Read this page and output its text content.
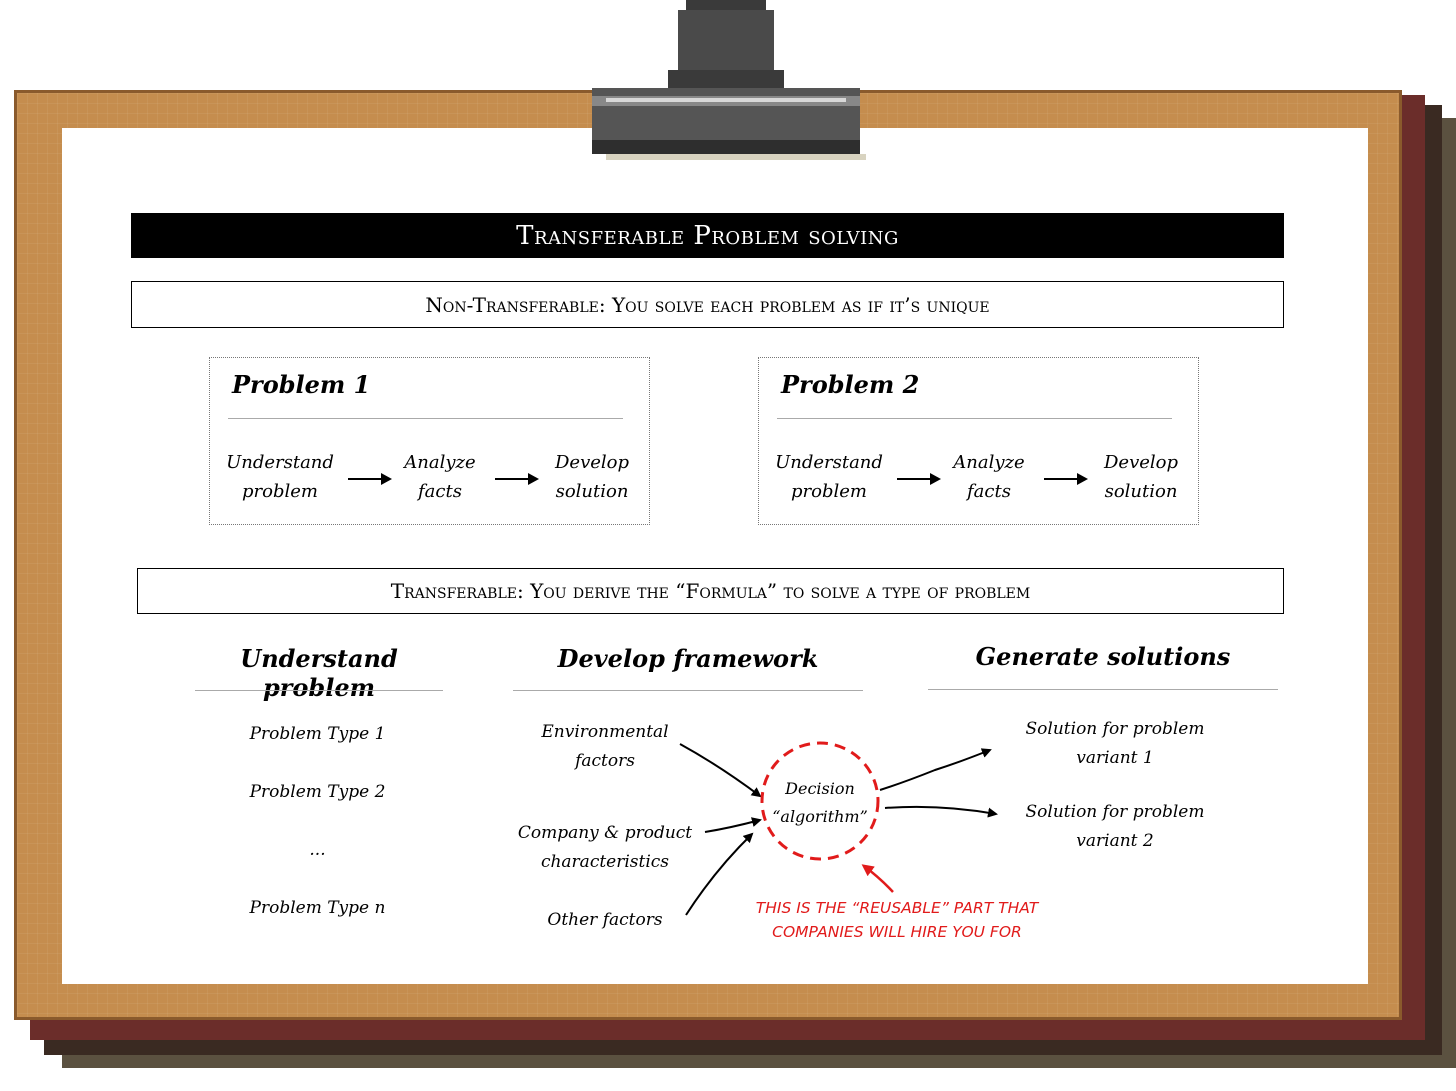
Transferable Problem solving
Non-Transferable: You solve each problem as if it’s unique
Problem 1
Understand problem
Analyze facts
Develop solution
Problem 2
Understand problem
Analyze facts
Develop solution
Transferable: You derive the “Formula” to solve a type of problem
Understand problem
Develop framework	Generate solutions
Problem Type 1
Problem Type 2
...
Problem Type n
Environmental factors
Company & product characteristics
Other factors
Decision
“algorithm”
Solution for problem variant 1
Solution for problem variant 2
THIS IS THE “REUSABLE” PART THAT COMPANIES WILL HIRE YOU FOR
